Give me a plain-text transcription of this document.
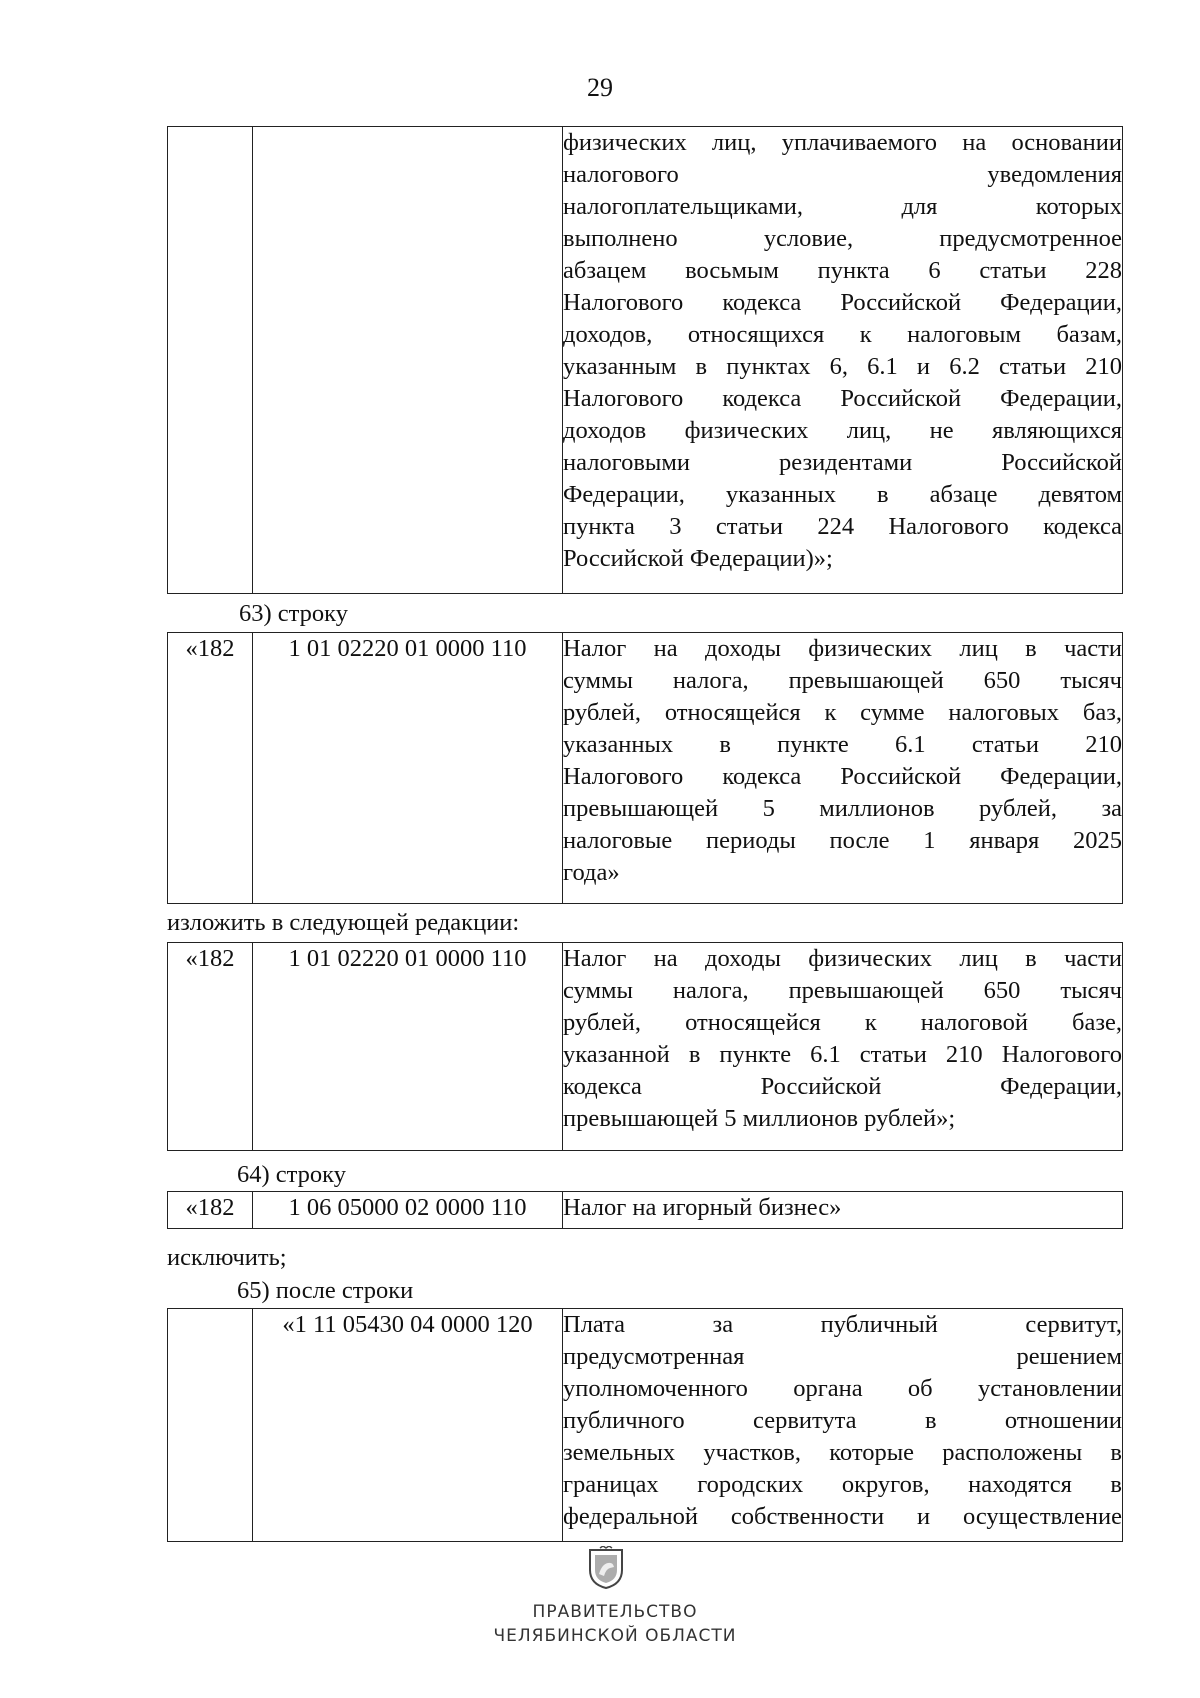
29

физических лиц, уплачиваемого на основании
налогового уведомления
налогоплательщиками, для которых
выполнено условие, предусмотренное
абзацем восьмым пункта 6 статьи 228
Налогового кодекса Российской Федерации,
доходов, относящихся к налоговым базам,
указанным в пунктах 6, 6.1 и 6.2 статьи 210
Налогового кодекса Российской Федерации,
доходов физических лиц, не являющихся
налоговыми резидентами Российской
Федерации, указанных в абзаце девятом
пункта 3 статьи 224 Налогового кодекса
Российской Федерации)»;
63) строку
«182	1 01 02220 01 0000 110	Налог на доходы физических лиц в части
суммы налога, превышающей 650 тысяч
рублей, относящейся к сумме налоговых баз,
указанных в пункте 6.1 статьи 210
Налогового кодекса Российской Федерации,
превышающей 5 миллионов рублей, за
налоговые периоды после 1 января 2025
года»
изложить в следующей редакции:
«182	1 01 02220 01 0000 110	Налог на доходы физических лиц в части
суммы налога, превышающей 650 тысяч
рублей, относящейся к налоговой базе,
указанной в пункте 6.1 статьи 210 Налогового
кодекса Российской Федерации,
превышающей 5 миллионов рублей»;
64) строку
«182	1 06 05000 02 0000 110	Налог на игорный бизнес»
исключить;
65) после строки
	«1 11 05430 04 0000 120	Плата за публичный сервитут,
предусмотренная решением
уполномоченного органа об установлении
публичного сервитута в отношении
земельных участков, которые расположены в
границах городских округов, находятся в
федеральной собственности и осуществление
ПРАВИТЕЛЬСТВО
ЧЕЛЯБИНСКОЙ ОБЛАСТИ
